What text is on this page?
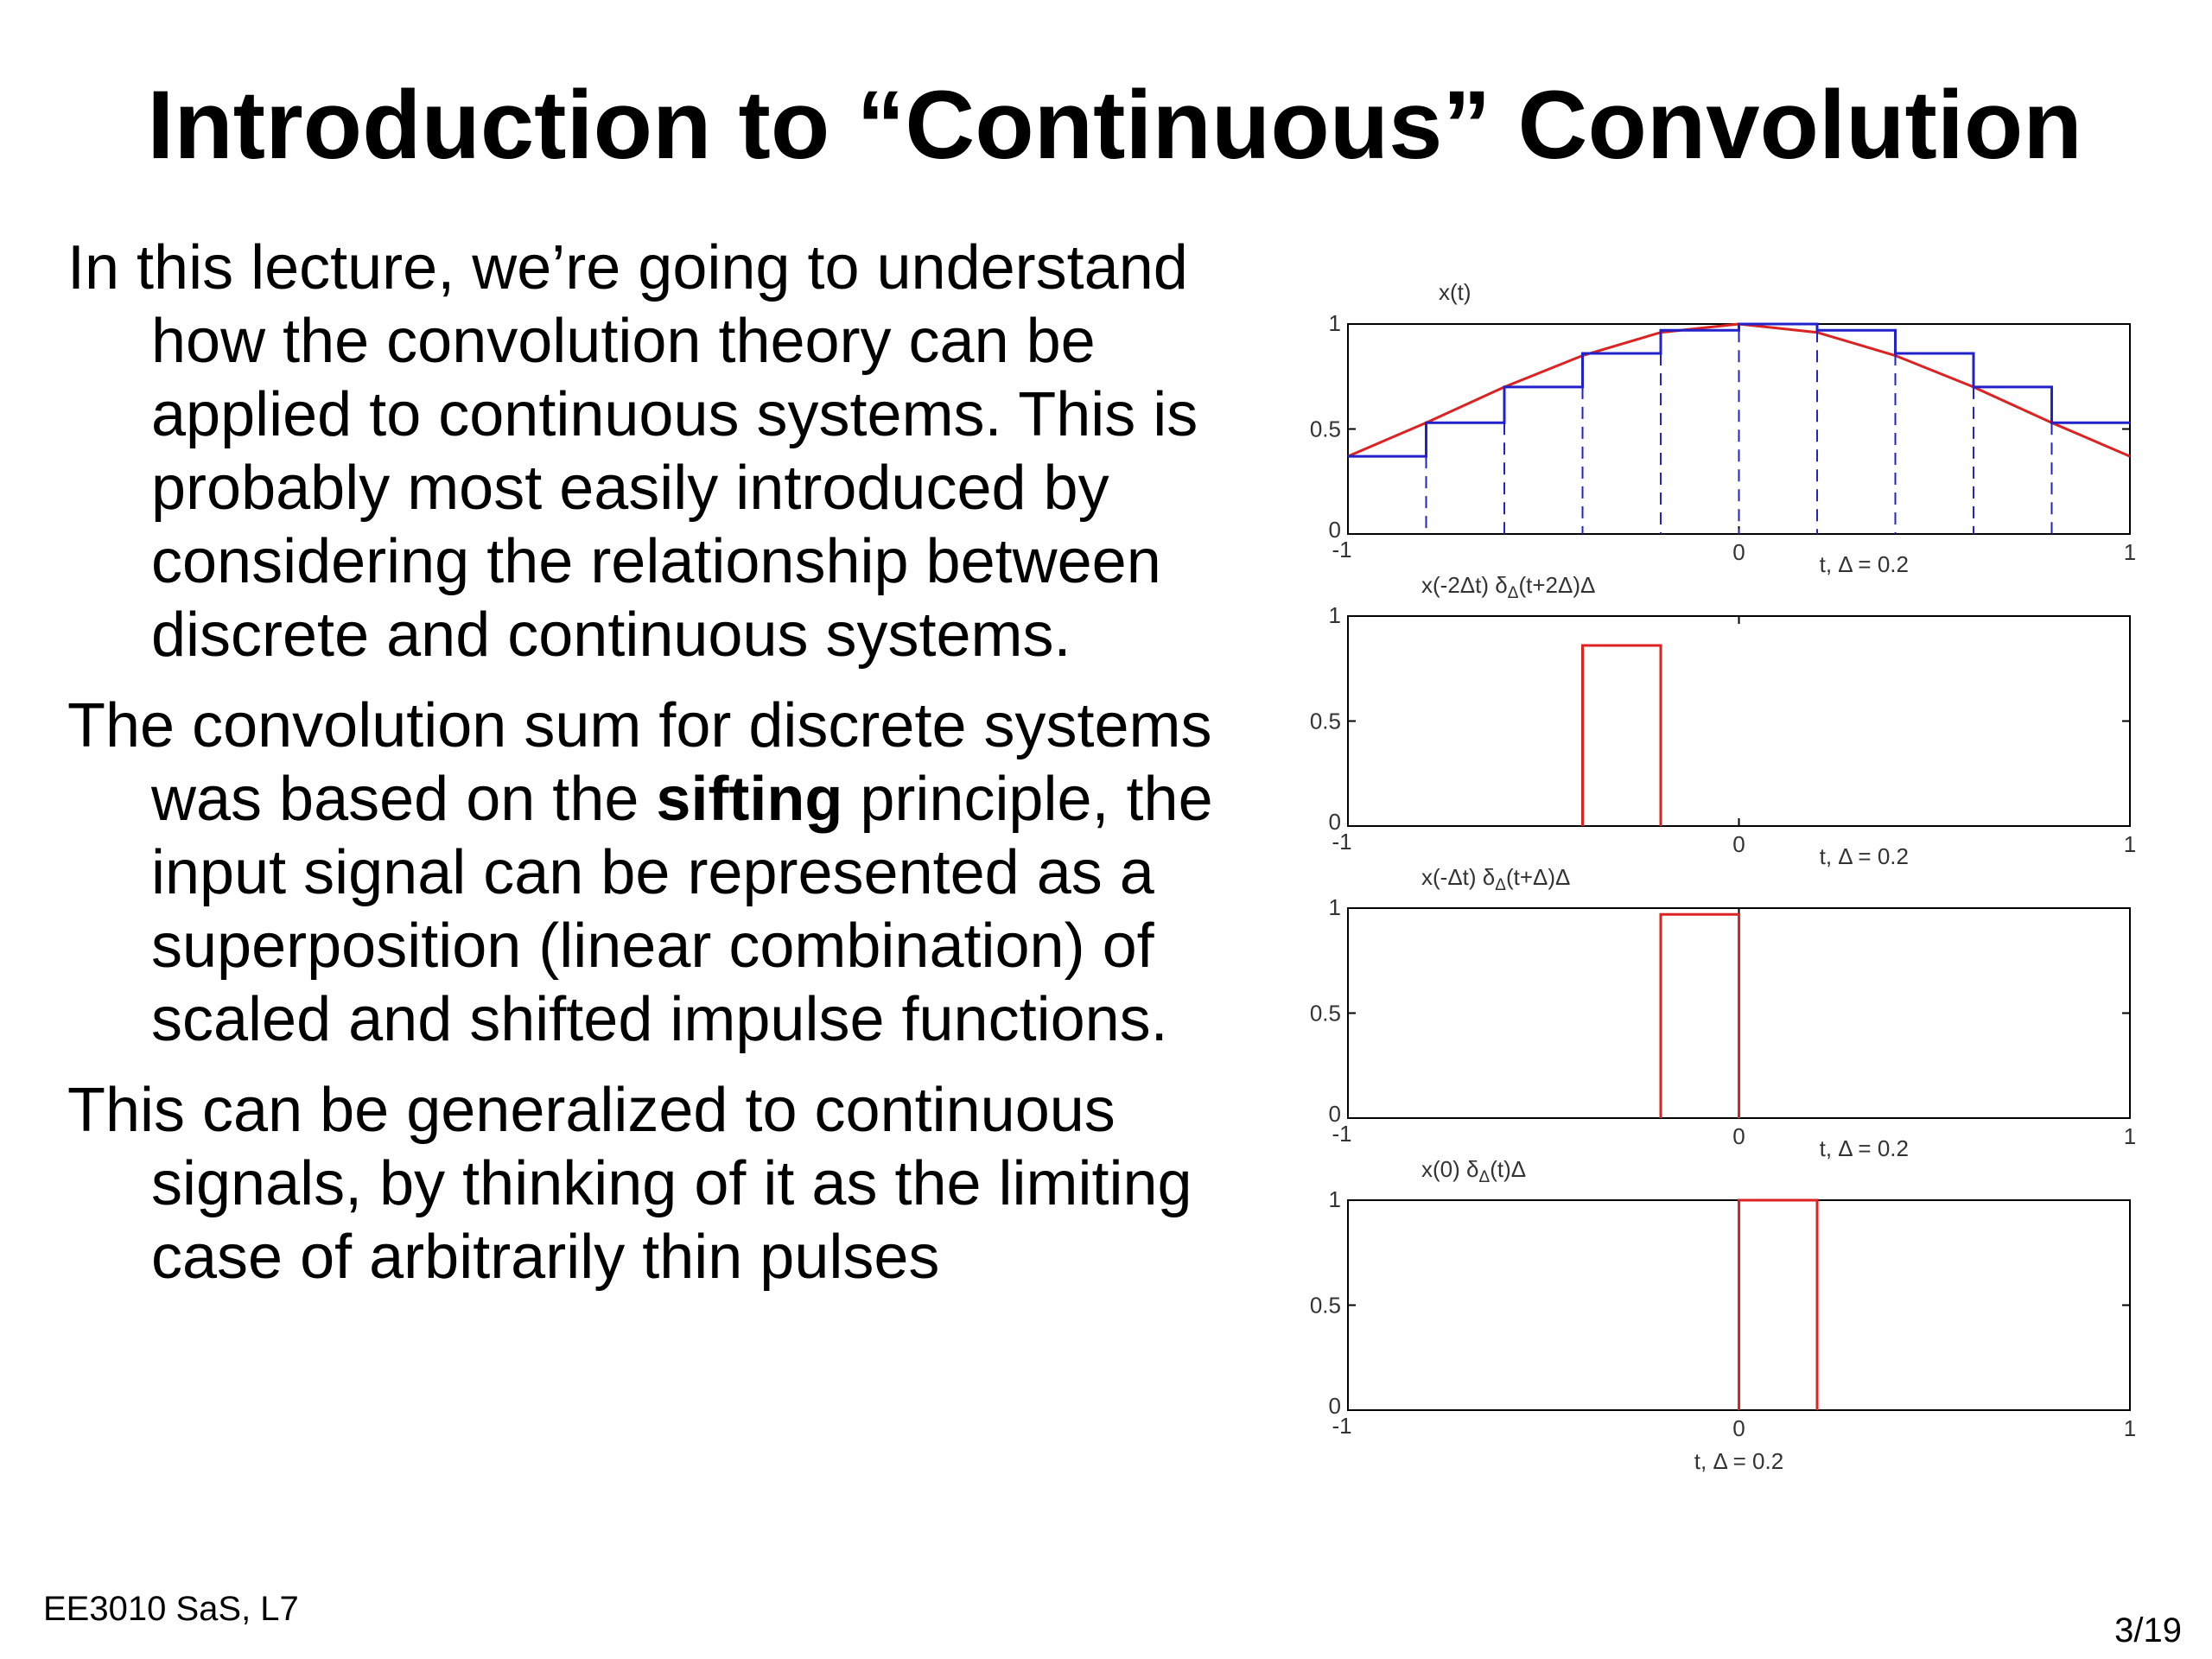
Introduction to “Continuous” Convolution

In this lecture, we’re going to understand how the convolution theory can be applied to continuous systems. This is probably most easily introduced by considering the relationship between discrete and continuous systems.

The convolution sum for discrete systems was based on the sifting principle, the input signal can be represented as a superposition (linear combination) of scaled and shifted impulse functions.

This can be generalized to continuous signals, by thinking of it as the limiting case of arbitrarily thin pulses

0
0.5
1
-1	0	1
t, Δ = 0.2
x(t)
0
0.5
1
-1	0	1
t, Δ = 0.2
x(-2Δt) δΔ(t+2Δ)Δ
0
0.5
1
-1	0	1
t, Δ = 0.2
x(-Δt) δΔ(t+Δ)Δ
0
0.5
1
-1	0	1
t, Δ = 0.2
x(0) δΔ(t)Δ
EE3010 SaS, L7
3/19
